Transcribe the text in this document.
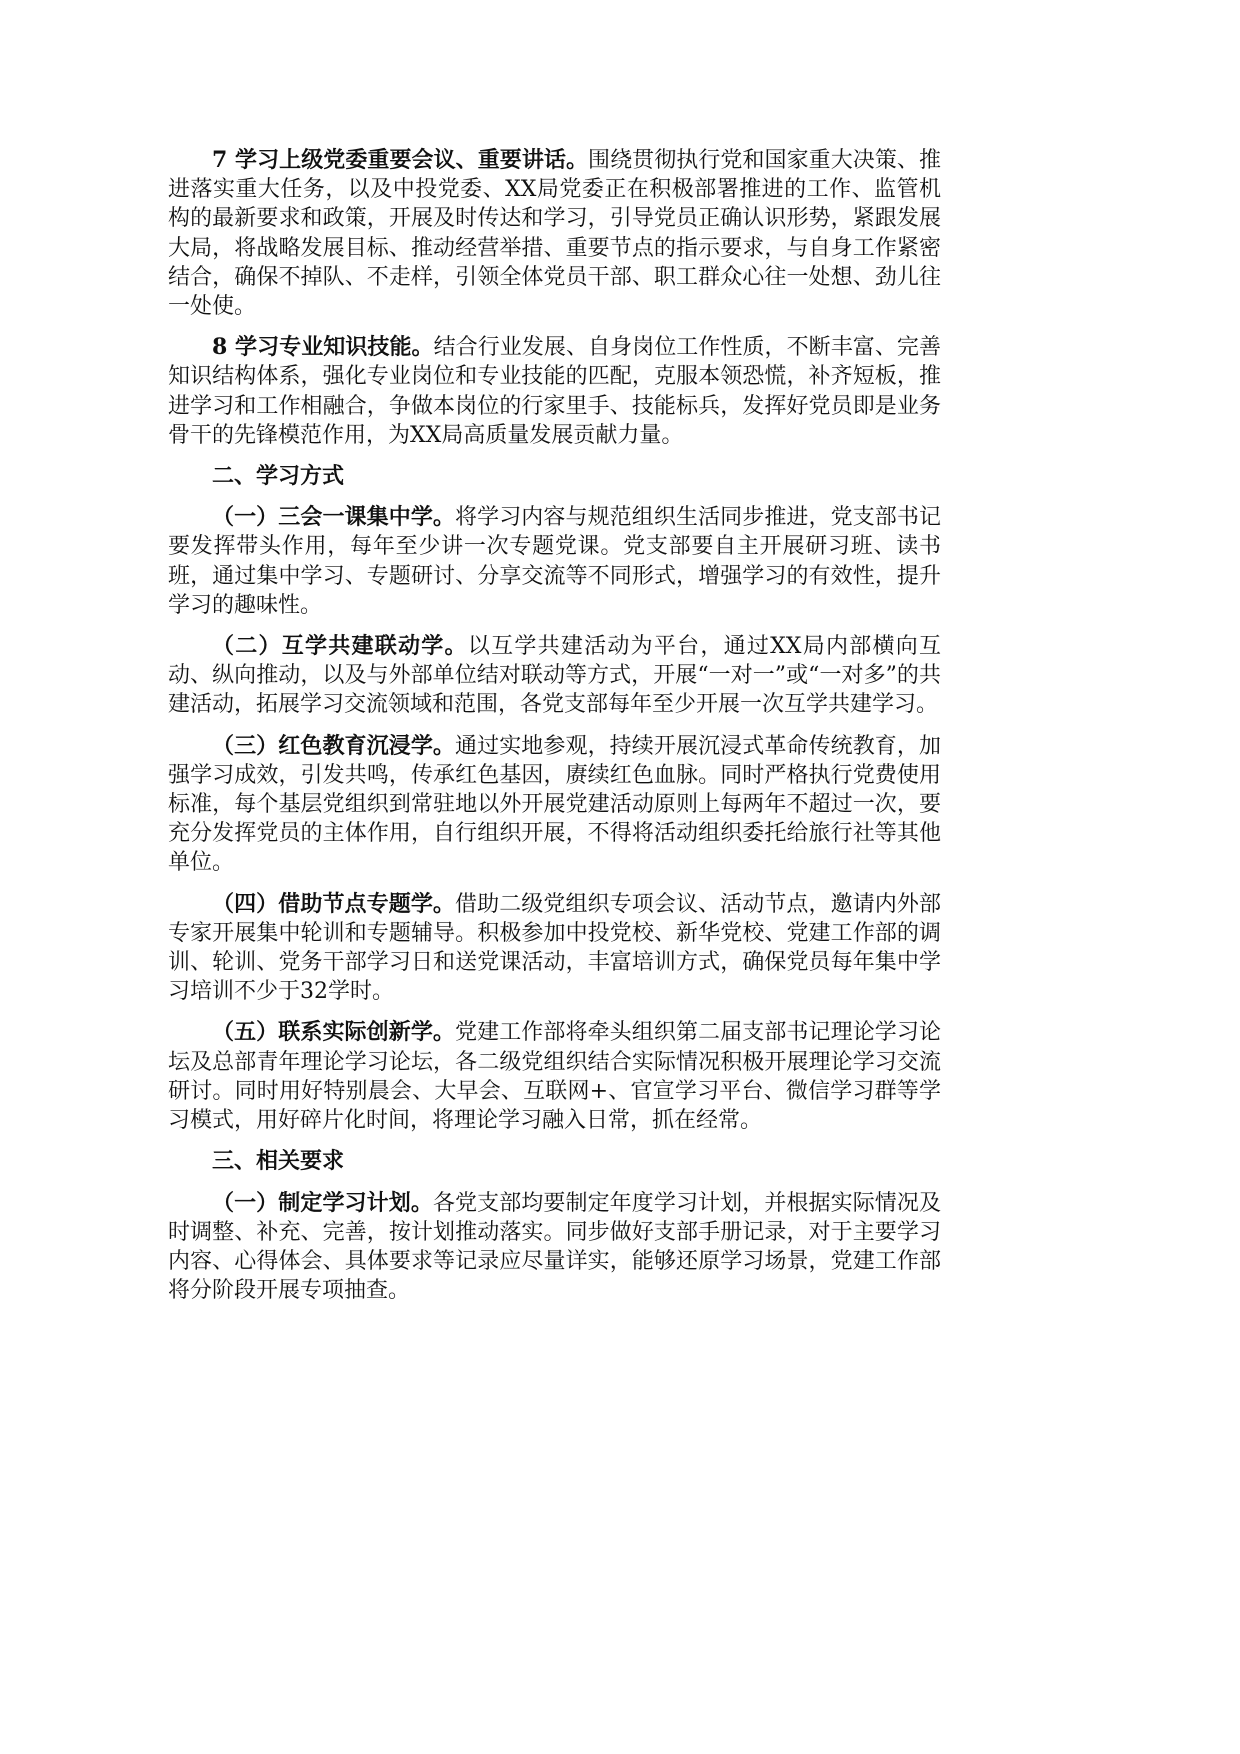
7 学习上级党委重要会议、重要讲话。围绕贯彻执行党和国家重大决策、推进落实重大任务，以及中投党委、XX局党委正在积极部署推进的工作、监管机构的最新要求和政策，开展及时传达和学习，引导党员正确认识形势，紧跟发展大局，将战略发展目标、推动经营举措、重要节点的指示要求，与自身工作紧密结合，确保不掉队、不走样，引领全体党员干部、职工群众心往一处想、劲儿往一处使。

8 学习专业知识技能。结合行业发展、自身岗位工作性质，不断丰富、完善知识结构体系，强化专业岗位和专业技能的匹配，克服本领恐慌，补齐短板，推进学习和工作相融合，争做本岗位的行家里手、技能标兵，发挥好党员即是业务骨干的先锋模范作用，为XX局高质量发展贡献力量。

二、学习方式

（一）三会一课集中学。将学习内容与规范组织生活同步推进，党支部书记要发挥带头作用，每年至少讲一次专题党课。党支部要自主开展研习班、读书班，通过集中学习、专题研讨、分享交流等不同形式，增强学习的有效性，提升学习的趣味性。

（二）互学共建联动学。以互学共建活动为平台，通过XX局内部横向互动、纵向推动，以及与外部单位结对联动等方式，开展“一对一”或“一对多”的共建活动，拓展学习交流领域和范围，各党支部每年至少开展一次互学共建学习。

（三）红色教育沉浸学。通过实地参观，持续开展沉浸式革命传统教育，加强学习成效，引发共鸣，传承红色基因，赓续红色血脉。同时严格执行党费使用标准，每个基层党组织到常驻地以外开展党建活动原则上每两年不超过一次，要充分发挥党员的主体作用，自行组织开展，不得将活动组织委托给旅行社等其他单位。

（四）借助节点专题学。借助二级党组织专项会议、活动节点，邀请内外部专家开展集中轮训和专题辅导。积极参加中投党校、新华党校、党建工作部的调训、轮训、党务干部学习日和送党课活动，丰富培训方式，确保党员每年集中学习培训不少于32学时。

（五）联系实际创新学。党建工作部将牵头组织第二届支部书记理论学习论坛及总部青年理论学习论坛，各二级党组织结合实际情况积极开展理论学习交流研讨。同时用好特别晨会、大早会、互联网+、官宣学习平台、微信学习群等学习模式，用好碎片化时间，将理论学习融入日常，抓在经常。

三、相关要求

（一）制定学习计划。各党支部均要制定年度学习计划，并根据实际情况及时调整、补充、完善，按计划推动落实。同步做好支部手册记录，对于主要学习内容、心得体会、具体要求等记录应尽量详实，能够还原学习场景，党建工作部将分阶段开展专项抽查。
